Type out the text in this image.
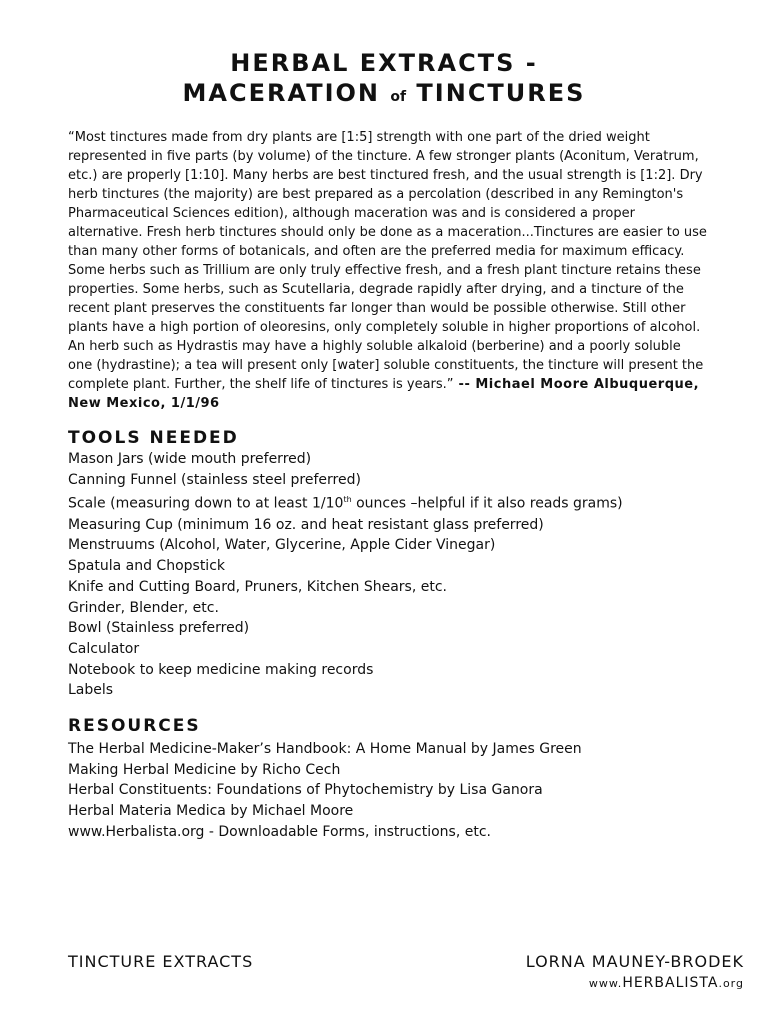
HERBAL EXTRACTS -
MACERATION of TINCTURES

“Most tinctures made from dry plants are [1:5] strength with one part of the dried weight represented in five parts (by volume) of the tincture. A few stronger plants (Aconitum, Veratrum, etc.) are properly [1:10]. Many herbs are best tinctured fresh, and the usual strength is [1:2]. Dry herb tinctures (the majority) are best prepared as a percolation (described in any Remington's Pharmaceutical Sciences edition), although maceration was and is considered a proper alternative. Fresh herb tinctures should only be done as a maceration...Tinctures are easier to use than many other forms of botanicals, and often are the preferred media for maximum efficacy. Some herbs such as Trillium are only truly effective fresh, and a fresh plant tincture retains these properties. Some herbs, such as Scutellaria, degrade rapidly after drying, and a tincture of the recent plant preserves the constituents far longer than would be possible otherwise. Still other plants have a high portion of oleoresins, only completely soluble in higher proportions of alcohol. An herb such as Hydrastis may have a highly soluble alkaloid (berberine) and a poorly soluble one (hydrastine); a tea will present only [water] soluble constituents, the tincture will present the complete plant. Further, the shelf life of tinctures is years.” -- Michael Moore Albuquerque, New Mexico, 1/1/96

TOOLS NEEDED
Mason Jars (wide mouth preferred)
Canning Funnel (stainless steel preferred)
Scale (measuring down to at least 1/10th ounces –helpful if it also reads grams)
Measuring Cup (minimum 16 oz. and heat resistant glass preferred)
Menstruums (Alcohol, Water, Glycerine, Apple Cider Vinegar)
Spatula and Chopstick
Knife and Cutting Board, Pruners, Kitchen Shears, etc.
Grinder, Blender, etc.
Bowl (Stainless preferred)
Calculator
Notebook to keep medicine making records
Labels
RESOURCES
The Herbal Medicine-Maker’s Handbook: A Home Manual by James Green
Making Herbal Medicine by Richo Cech
Herbal Constituents: Foundations of Phytochemistry by Lisa Ganora
Herbal Materia Medica by Michael Moore
www.Herbalista.org - Downloadable Forms, instructions, etc.
TINCTURE EXTRACTS	LORNA MAUNEY-BRODEK
www.HERBALISTA.org
